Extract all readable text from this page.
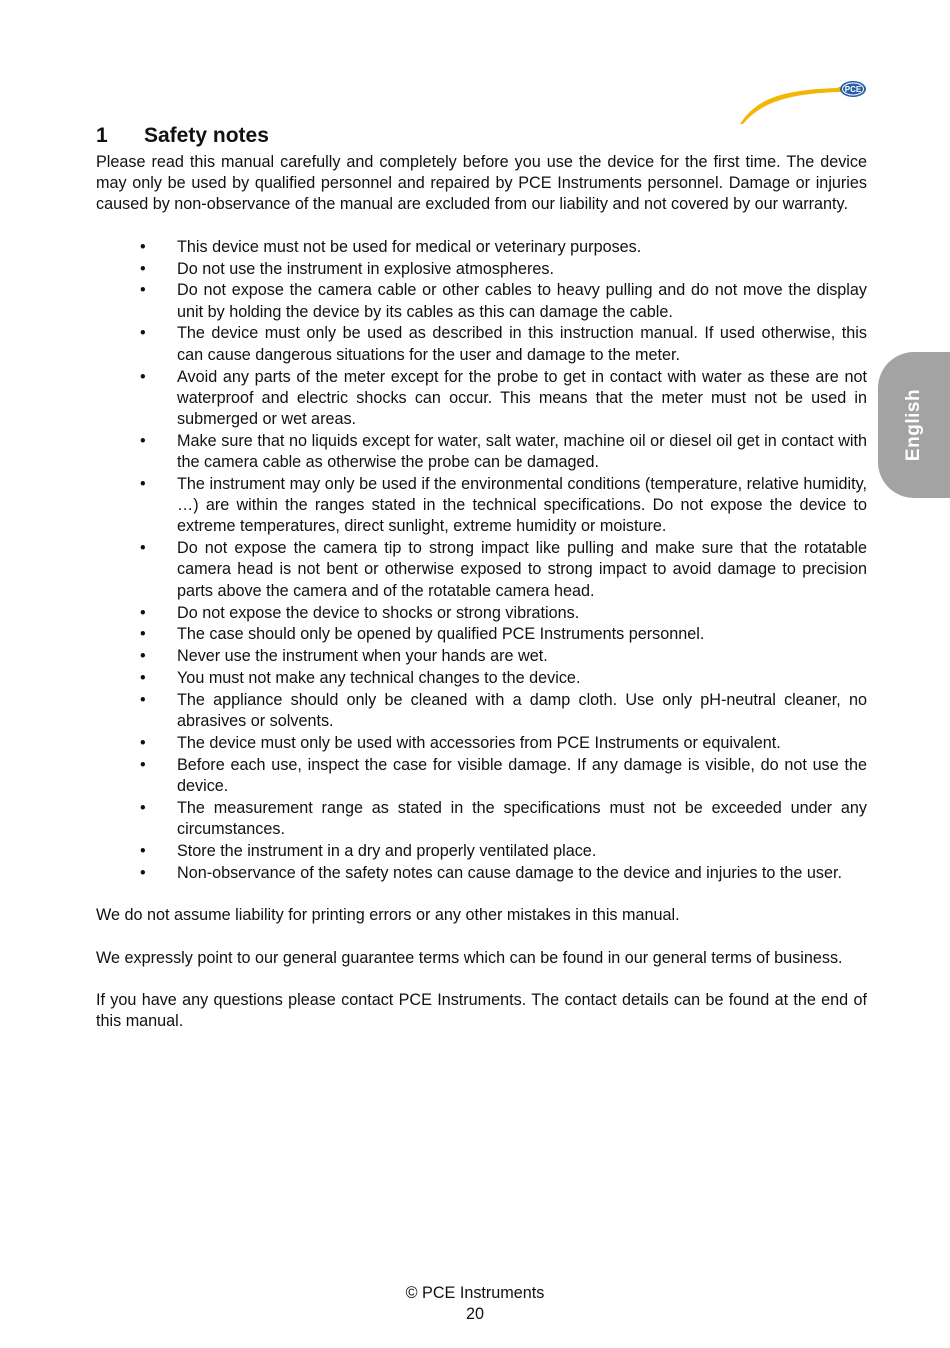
PCE
English
1 Safety notes

Please read this manual carefully and completely before you use the device for the first time. The device may only be used by qualified personnel and repaired by PCE Instruments personnel. Damage or injuries caused by non-observance of the manual are excluded from our liability and not covered by our warranty.

• This device must not be used for medical or veterinary purposes.
• Do not use the instrument in explosive atmospheres.
• Do not expose the camera cable or other cables to heavy pulling and do not move the display unit by holding the device by its cables as this can damage the cable.
• The device must only be used as described in this instruction manual. If used otherwise, this can cause dangerous situations for the user and damage to the meter.
• Avoid any parts of the meter except for the probe to get in contact with water as these are not waterproof and electric shocks can occur. This means that the meter must not be used in submerged or wet areas.
• Make sure that no liquids except for water, salt water, machine oil or diesel oil get in contact with the camera cable as otherwise the probe can be damaged.
• The instrument may only be used if the environmental conditions (temperature, relative humidity, …) are within the ranges stated in the technical specifications. Do not expose the device to extreme temperatures, direct sunlight, extreme humidity or moisture.
• Do not expose the camera tip to strong impact like pulling and make sure that the rotatable camera head is not bent or otherwise exposed to strong impact to avoid damage to precision parts above the camera and of the rotatable camera head.
• Do not expose the device to shocks or strong vibrations.
• The case should only be opened by qualified PCE Instruments personnel.
• Never use the instrument when your hands are wet.
• You must not make any technical changes to the device.
• The appliance should only be cleaned with a damp cloth. Use only pH-neutral cleaner, no abrasives or solvents.
• The device must only be used with accessories from PCE Instruments or equivalent.
• Before each use, inspect the case for visible damage. If any damage is visible, do not use the device.
• The measurement range as stated in the specifications must not be exceeded under any circumstances.
• Store the instrument in a dry and properly ventilated place.
• Non-observance of the safety notes can cause damage to the device and injuries to the user.

We do not assume liability for printing errors or any other mistakes in this manual.

We expressly point to our general guarantee terms which can be found in our general terms of business.

If you have any questions please contact PCE Instruments. The contact details can be found at the end of this manual.

© PCE Instruments
20
